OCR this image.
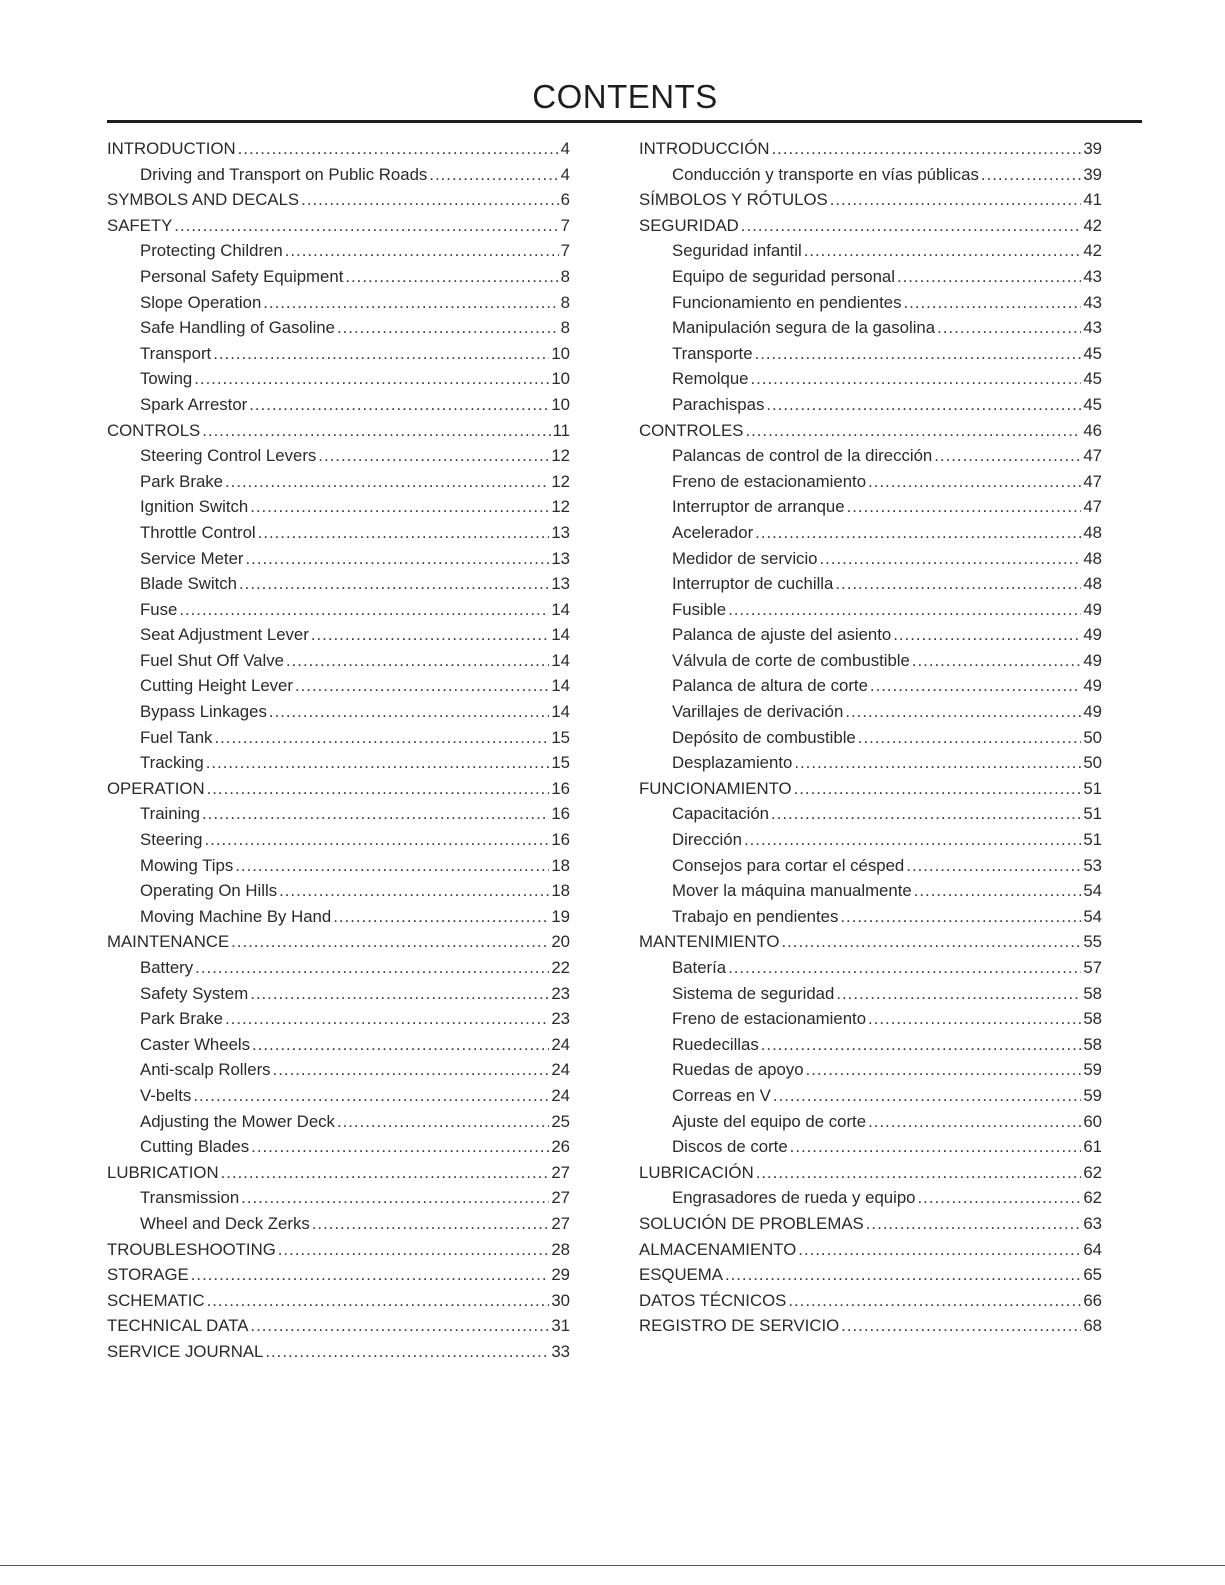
CONTENTS
INTRODUCTION .....	4
Driving and Transport on Public Roads .....	4
SYMBOLS AND DECALS .....	6
SAFETY .....	7
Protecting Children .....	7
Personal Safety Equipment .....	8
Slope Operation .....	8
Safe Handling of Gasoline .....	8
Transport .....	10
Towing .....	10
Spark Arrestor .....	10
CONTROLS .....	11
Steering Control Levers .....	12
Park Brake .....	12
Ignition Switch .....	12
Throttle Control .....	13
Service Meter .....	13
Blade Switch .....	13
Fuse .....	14
Seat Adjustment Lever .....	14
Fuel Shut Off Valve .....	14
Cutting Height Lever .....	14
Bypass Linkages .....	14
Fuel Tank .....	15
Tracking .....	15
OPERATION .....	16
Training .....	16
Steering .....	16
Mowing Tips .....	18
Operating On Hills .....	18
Moving Machine By Hand .....	19
MAINTENANCE .....	20
Battery .....	22
Safety System .....	23
Park Brake .....	23
Caster Wheels .....	24
Anti-scalp Rollers .....	24
V-belts .....	24
Adjusting the Mower Deck .....	25
Cutting Blades .....	26
LUBRICATION .....	27
Transmission .....	27
Wheel and Deck Zerks .....	27
TROUBLESHOOTING .....	28
STORAGE .....	29
SCHEMATIC .....	30
TECHNICAL DATA .....	31
SERVICE JOURNAL .....	33
INTRODUCCIÓN .....	39
Conducción y transporte en vías públicas .....	39
SÍMBOLOS Y RÓTULOS .....	41
SEGURIDAD .....	42
Seguridad infantil .....	42
Equipo de seguridad personal .....	43
Funcionamiento en pendientes .....	43
Manipulación segura de la gasolina .....	43
Transporte .....	45
Remolque .....	45
Parachispas .....	45
CONTROLES .....	46
Palancas de control de la dirección .....	47
Freno de estacionamiento .....	47
Interruptor de arranque .....	47
Acelerador .....	48
Medidor de servicio .....	48
Interruptor de cuchilla .....	48
Fusible .....	49
Palanca de ajuste del asiento .....	49
Válvula de corte de combustible .....	49
Palanca de altura de corte .....	49
Varillajes de derivación .....	49
Depósito de combustible .....	50
Desplazamiento .....	50
FUNCIONAMIENTO .....	51
Capacitación .....	51
Dirección .....	51
Consejos para cortar el césped .....	53
Mover la máquina manualmente .....	54
Trabajo en pendientes .....	54
MANTENIMIENTO .....	55
Batería .....	57
Sistema de seguridad .....	58
Freno de estacionamiento .....	58
Ruedecillas .....	58
Ruedas de apoyo .....	59
Correas en V .....	59
Ajuste del equipo de corte .....	60
Discos de corte .....	61
LUBRICACIÓN .....	62
Engrasadores de rueda y equipo .....	62
SOLUCIÓN DE PROBLEMAS .....	63
ALMACENAMIENTO .....	64
ESQUEMA .....	65
DATOS TÉCNICOS .....	66
REGISTRO DE SERVICIO .....	68
